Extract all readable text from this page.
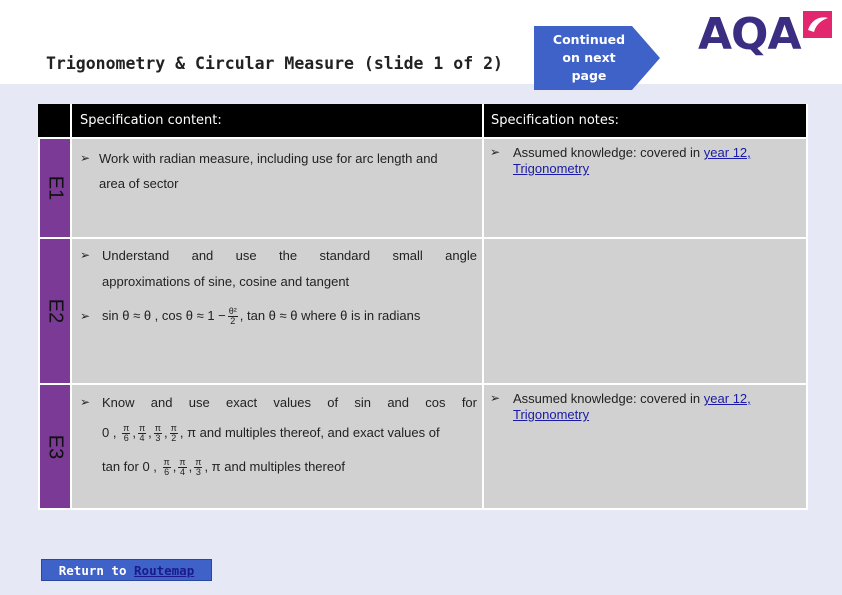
Trigonometry & Circular Measure (slide 1 of 2)
Continued on next page
AQA
Specification content:	Specification notes:
E1
➢ Work with radian measure, including use for arc length and
area of sector
➢ Assumed knowledge: covered in year 12, Trigonometry
E2
➢ Understand and use the standard small angle
approximations of sine, cosine and tangent
➢ sin θ ≈ θ , $\cos \theta \approx 1 - \frac{\text{θ²}}{2}$ , tan θ ≈ θ where θ is in radians
E3
➢ Know and use exact values of sin and cos for
0 , $\frac{\pi}{6}$ , $\frac{\pi}{4}$ , $\frac{\pi}{3}$ , $\frac{\pi}{2}$ , π and multiples thereof, and exact values of
tan for 0 , $\frac{\pi}{6}$ , $\frac{\pi}{4}$ , $\frac{\pi}{3}$ , π and multiples thereof
➢ Assumed knowledge: covered in year 12, Trigonometry
Return to Routemap
